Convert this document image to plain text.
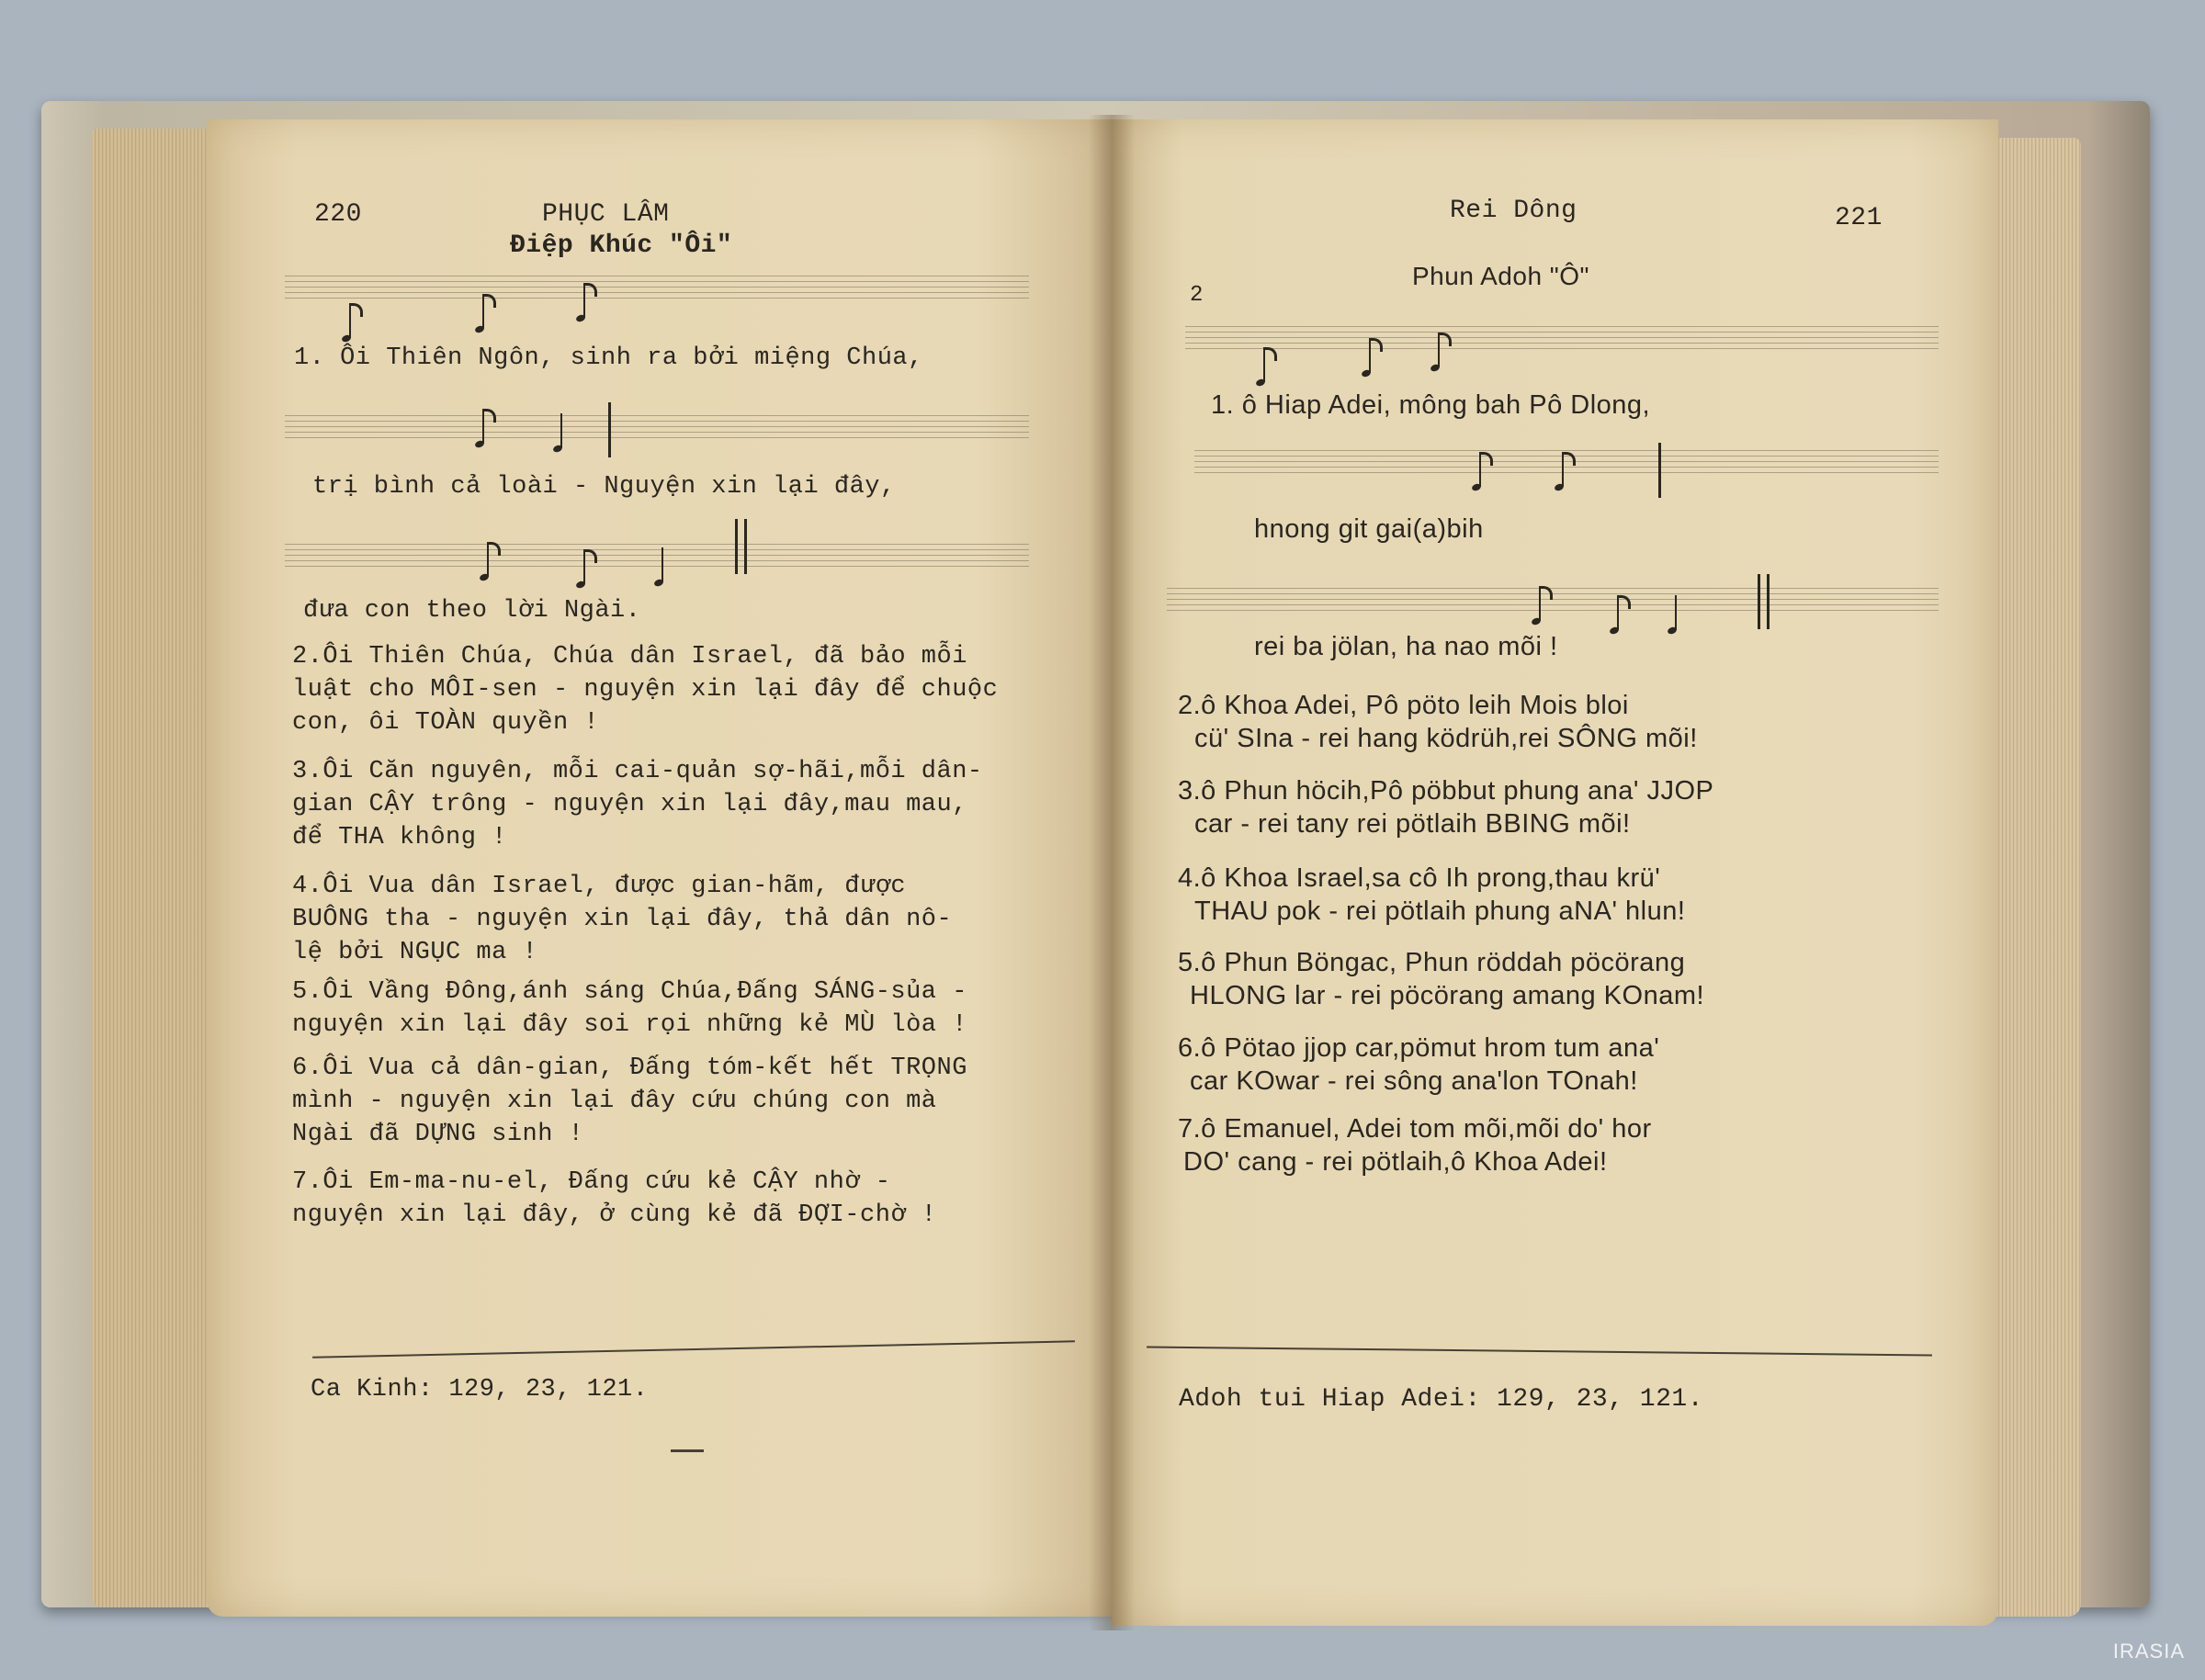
220	PHỤC LÂM
Điệp Khúc "Ôi"
1. Ôi Thiên Ngôn, sinh ra bởi miệng Chúa,
trị bình cả loài - Nguyện xin lại đây,
đưa con theo lời Ngài.
2.Ôi Thiên Chúa, Chúa dân Israel, đã bảo mỗi
luật cho MÔI-sen - nguyện xin lại đây để chuộc
con, ôi TOÀN quyền !
3.Ôi Căn nguyên, mỗi cai-quản sợ-hãi,mỗi dân-
gian CẬY trông - nguyện xin lại đây,mau mau,
để THA không !
4.Ôi Vua dân Israel, được gian-hãm, được
BUÔNG tha - nguyện xin lại đây, thả dân nô-
lệ bởi NGỤC ma !
5.Ôi Vầng Đông,ánh sáng Chúa,Đấng SÁNG-sủa -
nguyện xin lại đây soi rọi những kẻ MÙ lòa !
6.Ôi Vua cả dân-gian, Đấng tóm-kết hết TRỌNG
mình - nguyện xin lại đây cứu chúng con mà
Ngài đã DỰNG sinh !
7.Ôi Em-ma-nu-el, Đấng cứu kẻ CẬY nhờ -
nguyện xin lại đây, ở cùng kẻ đã ĐỢI-chờ !
Ca Kinh: 129, 23, 121.
Rei Dông	221
Phun Adoh "Ô"
2
1. ô Hiap Adei, mông bah Pô Dlong,
hnong git gai(a)bih
rei ba jölan, ha nao mõi !
2.ô Khoa Adei, Pô pöto leih Mois bloi
cü' SIna - rei hang ködrüh,rei SÔNG mõi!
3.ô Phun höcih,Pô pöbbut phung ana' JJOP
car - rei tany rei pötlaih BBING mõi!
4.ô Khoa Israel,sa cô Ih prong,thau krü'
THAU pok - rei pötlaih phung aNA' hlun!
5.ô Phun Böngac, Phun röddah pöcörang
HLONG lar - rei pöcörang amang KOnam!
6.ô Pötao jjop car,pömut hrom tum ana'
car KOwar - rei sông ana'lon TOnah!
7.ô Emanuel, Adei tom mõi,mõi do' hor
DO' cang - rei pötlaih,ô Khoa Adei!
Adoh tui Hiap Adei: 129, 23, 121.
IRASIA
